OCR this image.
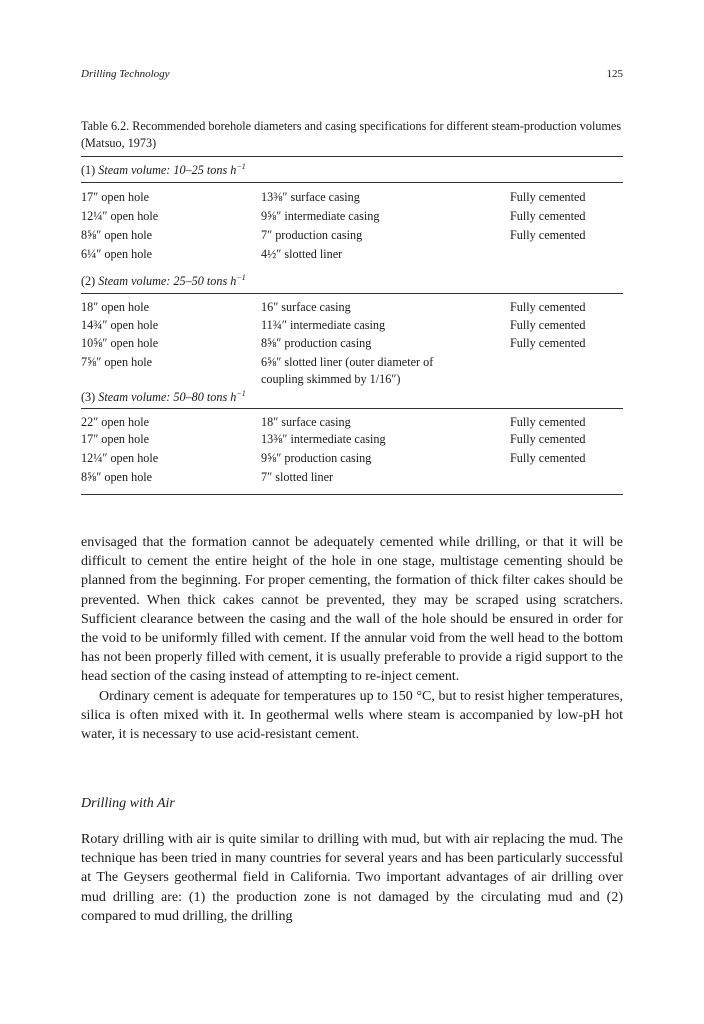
Drilling Technology	125
Table 6.2. Recommended borehole diameters and casing specifications for different steam-production volumes (Matsuo, 1973)
(1) Steam volume: 10–25 tons $h^{-1}$
17″ open hole	13⅜″ surface casing	Fully cemented
12¼″ open hole	9⅝″ intermediate casing	Fully cemented
8⅝″ open hole	7″ production casing	Fully cemented
6¼″ open hole	4½″ slotted liner
(2) Steam volume: 25–50 tons $h^{-1}$
18″ open hole	16″ surface casing	Fully cemented
14¾″ open hole	11¾″ intermediate casing	Fully cemented
10⅝″ open hole	8⅝″ production casing	Fully cemented
7⅝″ open hole	6⅝″ slotted liner (outer diameter of
coupling skimmed by 1/16″)
(3) Steam volume: 50–80 tons $h^{-1}$
22″ open hole	18″ surface casing	Fully cemented
17″ open hole	13⅜″ intermediate casing	Fully cemented
12¼″ open hole	9⅝″ production casing	Fully cemented
8⅝″ open hole	7″ slotted liner

envisaged that the formation cannot be adequately cemented while drilling, or that it will be difficult to cement the entire height of the hole in one stage, multistage cementing should be planned from the beginning. For proper cementing, the formation of thick filter cakes should be prevented. When thick cakes cannot be prevented, they may be scraped using scratchers. Sufficient clearance between the casing and the wall of the hole should be ensured in order for the void to be uniformly filled with cement. If the annular void from the well head to the bottom has not been properly filled with cement, it is usually preferable to provide a rigid support to the head section of the casing instead of attempting to re-inject cement.

Ordinary cement is adequate for temperatures up to 150 °C, but to resist higher temperatures, silica is often mixed with it. In geothermal wells where steam is accompanied by low-pH hot water, it is necessary to use acid-resistant cement.

Drilling with Air

Rotary drilling with air is quite similar to drilling with mud, but with air replacing the mud. The technique has been tried in many countries for several years and has been particularly successful at The Geysers geothermal field in California. Two important advantages of air drilling over mud drilling are: (1) the production zone is not damaged by the circulating mud and (2) compared to mud drilling, the drilling
